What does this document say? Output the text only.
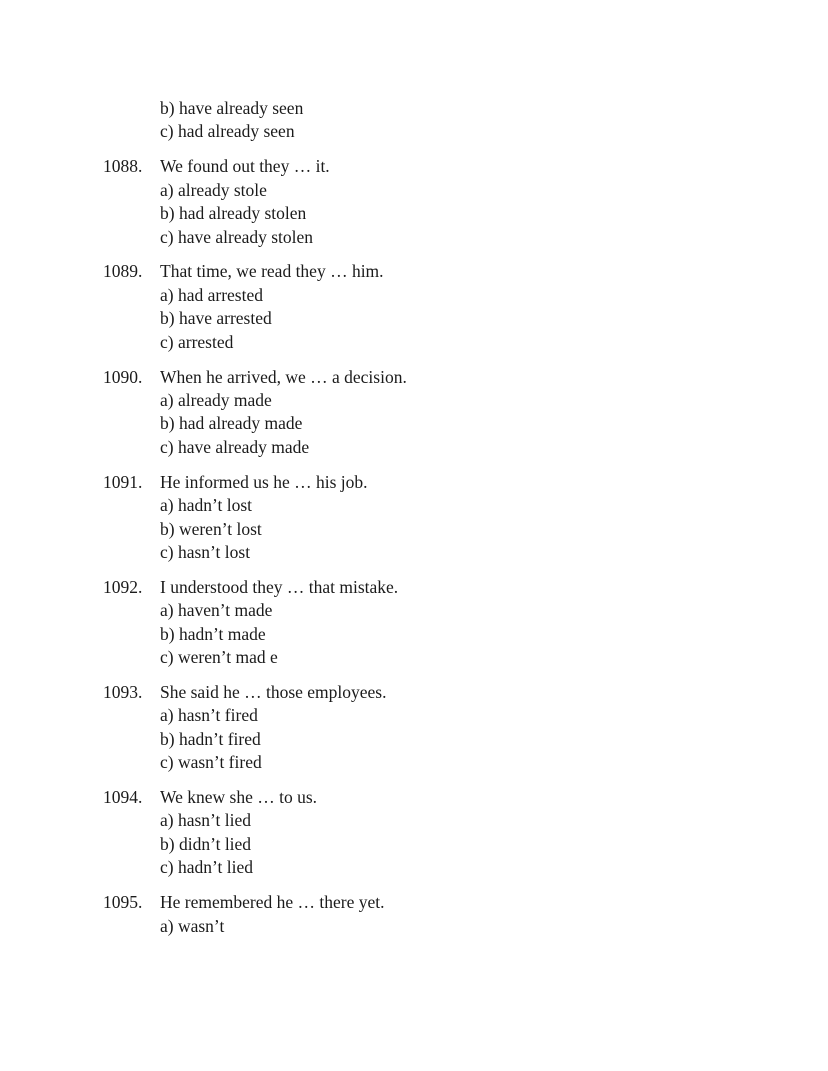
b) have already seen
c) had already seen
1088. We found out they … it.
a) already stole
b) had already stolen
c) have already stolen
1089. That time, we read they … him.
a) had arrested
b) have arrested
c) arrested
1090. When he arrived, we … a decision.
a) already made
b) had already made
c) have already made
1091. He informed us he … his job.
a) hadn’t lost
b) weren’t lost
c) hasn’t lost
1092. I understood they … that mistake.
a) haven’t made
b) hadn’t made
c) weren’t mad e
1093. She said he … those employees.
a) hasn’t fired
b) hadn’t fired
c) wasn’t fired
1094. We knew she … to us.
a) hasn’t lied
b) didn’t lied
c) hadn’t lied
1095. He remembered he … there yet.
a) wasn’t
